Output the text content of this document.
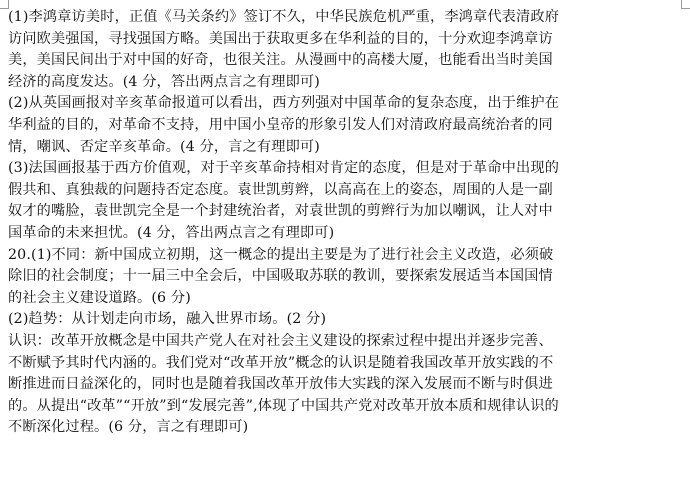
(1)李鸿章访美时，正值《马关条约》签订不久，中华民族危机严重，李鸿章代表清政府
访问欧美强国，寻找强国方略。美国出于获取更多在华利益的目的，十分欢迎李鸿章访
美，美国民间出于对中国的好奇，也很关注。从漫画中的高楼大厦，也能看出当时美国
经济的高度发达。(4 分，答出两点言之有理即可)
(2)从英国画报对辛亥革命报道可以看出，西方列强对中国革命的复杂态度，出于维护在
华利益的目的，对革命不支持，用中国小皇帝的形象引发人们对清政府最高统治者的同
情，嘲讽、否定辛亥革命。(4 分，言之有理即可)
(3)法国画报基于西方价值观，对于辛亥革命持相对肯定的态度，但是对于革命中出现的
假共和、真独裁的问题持否定态度。袁世凯剪辫，以高高在上的姿态，周围的人是一副
奴才的嘴脸，袁世凯完全是一个封建统治者，对袁世凯的剪辫行为加以嘲讽，让人对中
国革命的未来担忧。(4 分，答出两点言之有理即可)
20.(1)不同：新中国成立初期，这一概念的提出主要是为了进行社会主义改造，必须破
除旧的社会制度；十一届三中全会后，中国吸取苏联的教训，要探索发展适当本国国情
的社会主义建设道路。(6 分)
(2)趋势：从计划走向市场，融入世界市场。(2 分)
认识：改革开放概念是中国共产党人在对社会主义建设的探索过程中提出并逐步完善、
不断赋予其时代内涵的。我们党对“改革开放”概念的认识是随着我国改革开放实践的不
断推进而日益深化的，同时也是随着我国改革开放伟大实践的深入发展而不断与时俱进
的。从提出“改革”“开放”到“发展完善”,体现了中国共产党对改革开放本质和规律认识的
不断深化过程。(6 分，言之有理即可)
